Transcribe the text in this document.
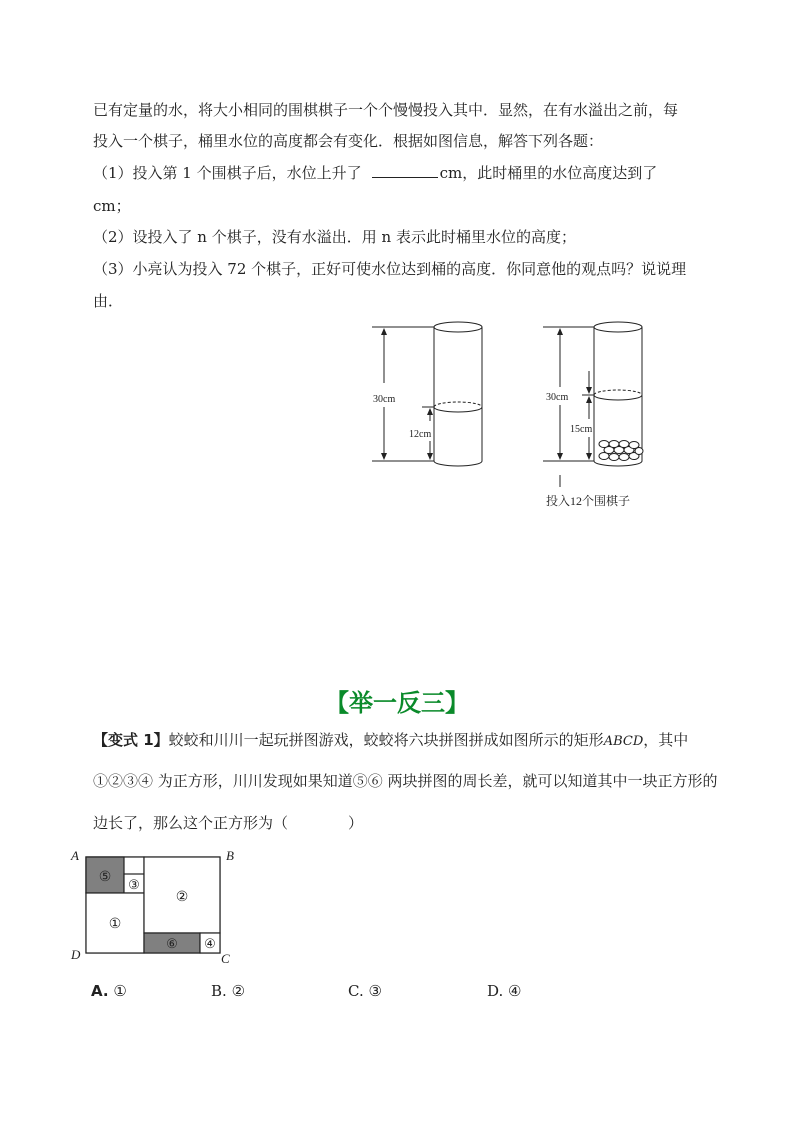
已有定量的水，将大小相同的围棋棋子一个个慢慢投入其中．显然，在有水溢出之前，每
投入一个棋子，桶里水位的高度都会有变化．根据如图信息，解答下列各题：
（1）投入第 1 个围棋子后，水位上升了	cm，此时桶里的水位高度达到了
cm；
（2）设投入了 n 个棋子，没有水溢出．用 n 表示此时桶里水位的高度；
（3）小亮认为投入 72 个棋子，正好可使水位达到桶的高度．你同意他的观点吗？说说理
由．
30cm
12cm
30cm
15cm
投入12个围棋子
【举一反三】
【变式 1】蛟蛟和川川一起玩拼图游戏，蛟蛟将六块拼图拼成如图所示的矩形ABCD，其中
①②③④ 为正方形，川川发现如果知道⑤⑥ 两块拼图的周长差，就可以知道其中一块正方形的
边长了，那么这个正方形为（　　　　）
⑤ ③
①
②
⑥ ④
A	B
C
D
A. ①	B. ②	C. ③	D. ④
